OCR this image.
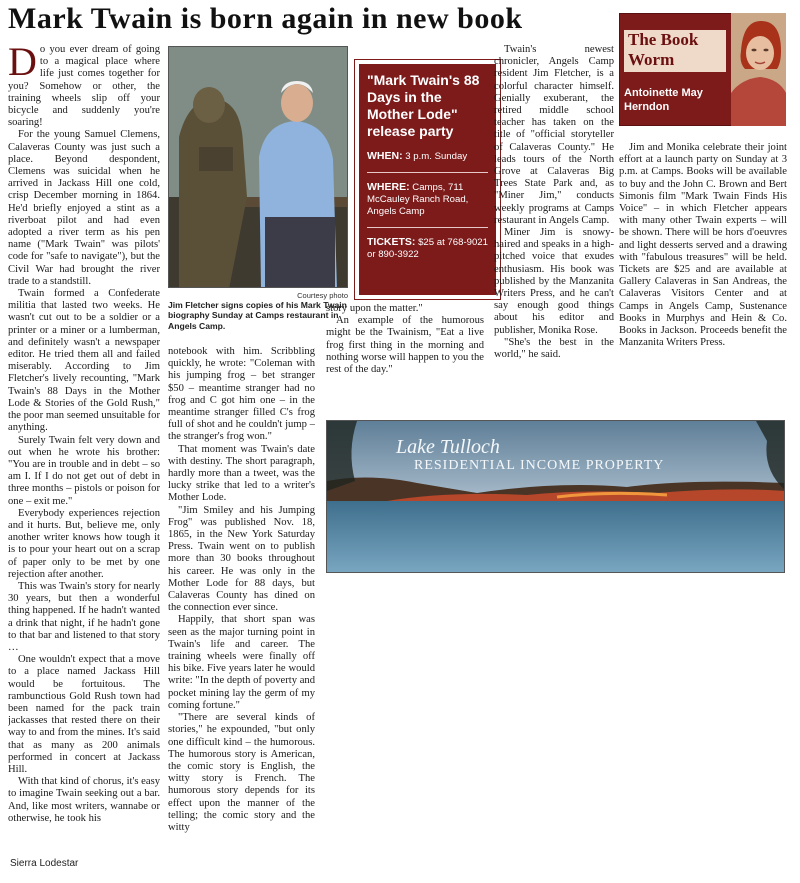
Mark Twain is born again in new book
The Book Worm
Antoinette May Herndon
D o you ever dream of going to a magical place where life just comes together for you? Somehow or other, the training wheels slip off your bicycle and suddenly you're soaring!

For the young Samuel Clemens, Calaveras County was just such a place. Beyond despondent, Clemens was suicidal when he arrived in Jackass Hill one cold, crisp December morning in 1864. He'd briefly enjoyed a stint as a riverboat pilot and had even adopted a river term as his pen name ("Mark Twain" was pilots' code for "safe to navigate"), but the Civil War had brought the river trade to a standstill.

Twain formed a Confederate militia that lasted two weeks. He wasn't cut out to be a soldier or a printer or a miner or a lumberman, and definitely wasn't a newspaper editor. He tried them all and failed miserably. According to Jim Fletcher's lively recounting, "Mark Twain's 88 Days in the Mother Lode & Stories of the Gold Rush," the poor man seemed unsuitable for anything.

Surely Twain felt very down and out when he wrote his brother: "You are in trouble and in debt – so am I. If I do not get out of debt in three months – pistols or poison for one – exit me."

Everybody experiences rejection and it hurts. But, believe me, only another writer knows how tough it is to pour your heart out on a scrap of paper only to be met by one rejection after another.

This was Twain's story for nearly 30 years, but then a wonderful thing happened. If he hadn't wanted a drink that night, if he hadn't gone to that bar and listened to that story …

One wouldn't expect that a move to a place named Jackass Hill would be fortuitous. The rambunctious Gold Rush town had been named for the pack train jackasses that rested there on their way to and from the mines. It's said that as many as 200 animals performed in concert at Jackass Hill.

With that kind of chorus, it's easy to imagine Twain seeking out a bar. And, like most writers, wannabe or otherwise, he took his

Courtesy photo
Jim Fletcher signs copies of his Mark Twain biography Sunday at Camps restaurant in Angels Camp.
"Mark Twain's 88 Days in the Mother Lode" release party
WHEN: 3 p.m. Sunday
WHERE: Camps, 711 McCauley Ranch Road, Angels Camp
TICKETS: $25 at 768-9021 or 890-3922

notebook with him. Scribbling quickly, he wrote: "Coleman with his jumping frog – bet stranger $50 – meantime stranger had no frog and C got him one – in the meantime stranger filled C's frog full of shot and he couldn't jump – the stranger's frog won."

That moment was Twain's date with destiny. The short paragraph, hardly more than a tweet, was the lucky strike that led to a writer's Mother Lode.

"Jim Smiley and his Jumping Frog" was published Nov. 18, 1865, in the New York Saturday Press. Twain went on to publish more than 30 books throughout his career. He was only in the Mother Lode for 88 days, but Calaveras County has dined on the connection ever since.

Happily, that short span was seen as the major turning point in Twain's life and career. The training wheels were finally off his bike. Five years later he would write: "In the depth of poverty and pocket mining lay the germ of my coming fortune."

"There are several kinds of stories," he expounded, "but only one difficult kind – the humorous. The humorous story is American, the comic story is English, the witty story is French. The humorous story depends for its effect upon the manner of the telling; the comic story and the witty

story upon the matter."

An example of the humorous might be the Twainism, "Eat a live frog first thing in the morning and nothing worse will happen to you the rest of the day."

Twain's newest chronicler, Angels Camp resident Jim Fletcher, is a colorful character himself. Genially exuberant, the retired middle school teacher has taken on the title of "official storyteller of Calaveras County." He leads tours of the North Grove at Calaveras Big Trees State Park and, as "Miner Jim," conducts weekly programs at Camps restaurant in Angels Camp.

Miner Jim is snowy-haired and speaks in a high-pitched voice that exudes enthusiasm. His book was published by the Manzanita Writers Press, and he can't say enough good things about his editor and publisher, Monika Rose.

"She's the best in the world," he said.

Jim and Monika celebrate their joint effort at a launch party on Sunday at 3 p.m. at Camps. Books will be available to buy and the John C. Brown and Bert Simonis film "Mark Twain Finds His Voice" – in which Fletcher appears with many other Twain experts – will be shown. There will be hors d'oeuvres and light desserts served and a drawing with "fabulous treasures" will be held. Tickets are $25 and are available at Gallery Calaveras in San Andreas, the Calaveras Visitors Center and at Camps in Angels Camp, Sustenance Books in Murphys and Hein & Co. Books in Jackson. Proceeds benefit the Manzanita Writers Press.

Lake Tulloch
RESIDENTIAL INCOME PROPERTY
Sierra Lodestar
